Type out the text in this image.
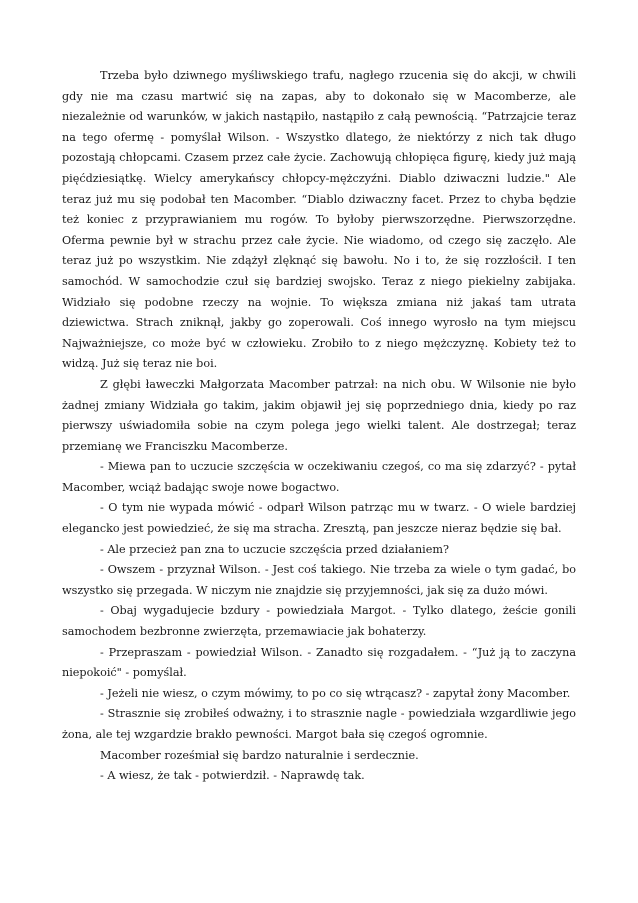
Trzeba było dziwnego myśliwskiego trafu, nagłego rzucenia się do akcji, w chwili gdy nie ma czasu martwić się na zapas, aby to dokonało się w Macomberze, ale niezależnie od warunków, w jakich nastąpiło, nastąpiło z całą pewnością. “Patrzajcie teraz na tego ofermę - pomyślał Wilson. - Wszystko dlatego, że niektórzy z nich tak długo pozostają chłopcami. Czasem przez całe życie. Zachowują chłopięca figurę, kiedy już mają pięćdziesiątkę. Wielcy amerykańscy chłopcy-mężczyźni. Diablo dziwaczni ludzie." Ale teraz już mu się podobał ten Macomber. “Diablo dziwaczny facet. Przez to chyba będzie też koniec z przyprawianiem mu rogów. To byłoby pierwszorzędne. Pierwszorzędne. Oferma pewnie był w strachu przez całe życie. Nie wiadomo, od czego się zaczęło. Ale teraz już po wszystkim. Nie zdążył zlęknąć się bawołu. No i to, że się rozzłościł. I ten samochód. W samochodzie czuł się bardziej swojsko. Teraz z niego piekielny zabijaka. Widziało się podobne rzeczy na wojnie. To większa zmiana niż jakaś tam utrata dziewictwa. Strach zniknął, jakby go zoperowali. Coś innego wyrosło na tym miejscu Najważniejsze, co może być w człowieku. Zrobiło to z niego mężczyznę. Kobiety też to widzą. Już się teraz nie boi.

Z głębi ławeczki Małgorzata Macomber patrzał: na nich obu. W Wilsonie nie było żadnej zmiany Widziała go takim, jakim objawił jej się poprzedniego dnia, kiedy po raz pierwszy uświadomiła sobie na czym polega jego wielki talent. Ale dostrzegał; teraz przemianę we Franciszku Macomberze.

- Miewa pan to uczucie szczęścia w oczekiwaniu czegoś, co ma się zdarzyć? - pytał Macomber, wciąż badając swoje nowe bogactwo.

- O tym nie wypada mówić - odparł Wilson patrząc mu w twarz. - O wiele bardziej elegancko jest powiedzieć, że się ma stracha. Zresztą, pan jeszcze nieraz będzie się bał.

- Ale przecież pan zna to uczucie szczęścia przed działaniem?

- Owszem - przyznał Wilson. - Jest coś takiego. Nie trzeba za wiele o tym gadać, bo wszystko się przegada. W niczym nie znajdzie się przyjemności, jak się za dużo mówi.

- Obaj wygadujecie bzdury - powiedziała Margot. - Tylko dlatego, żeście gonili samochodem bezbronne zwierzęta, przemawiacie jak bohaterzy.

- Przepraszam - powiedział Wilson. - Zanadto się rozgadałem. - “Już ją to zaczyna niepokoić" - pomyślał.

- Jeżeli nie wiesz, o czym mówimy, to po co się wtrącasz? - zapytał żony Macomber.

- Strasznie się zrobiłeś odważny, i to strasznie nagle - powiedziała wzgardliwie jego żona, ale tej wzgardzie brakło pewności. Margot bała się czegoś ogromnie.

Macomber roześmiał się bardzo naturalnie i serdecznie.

- A wiesz, że tak - potwierdził. - Naprawdę tak.
